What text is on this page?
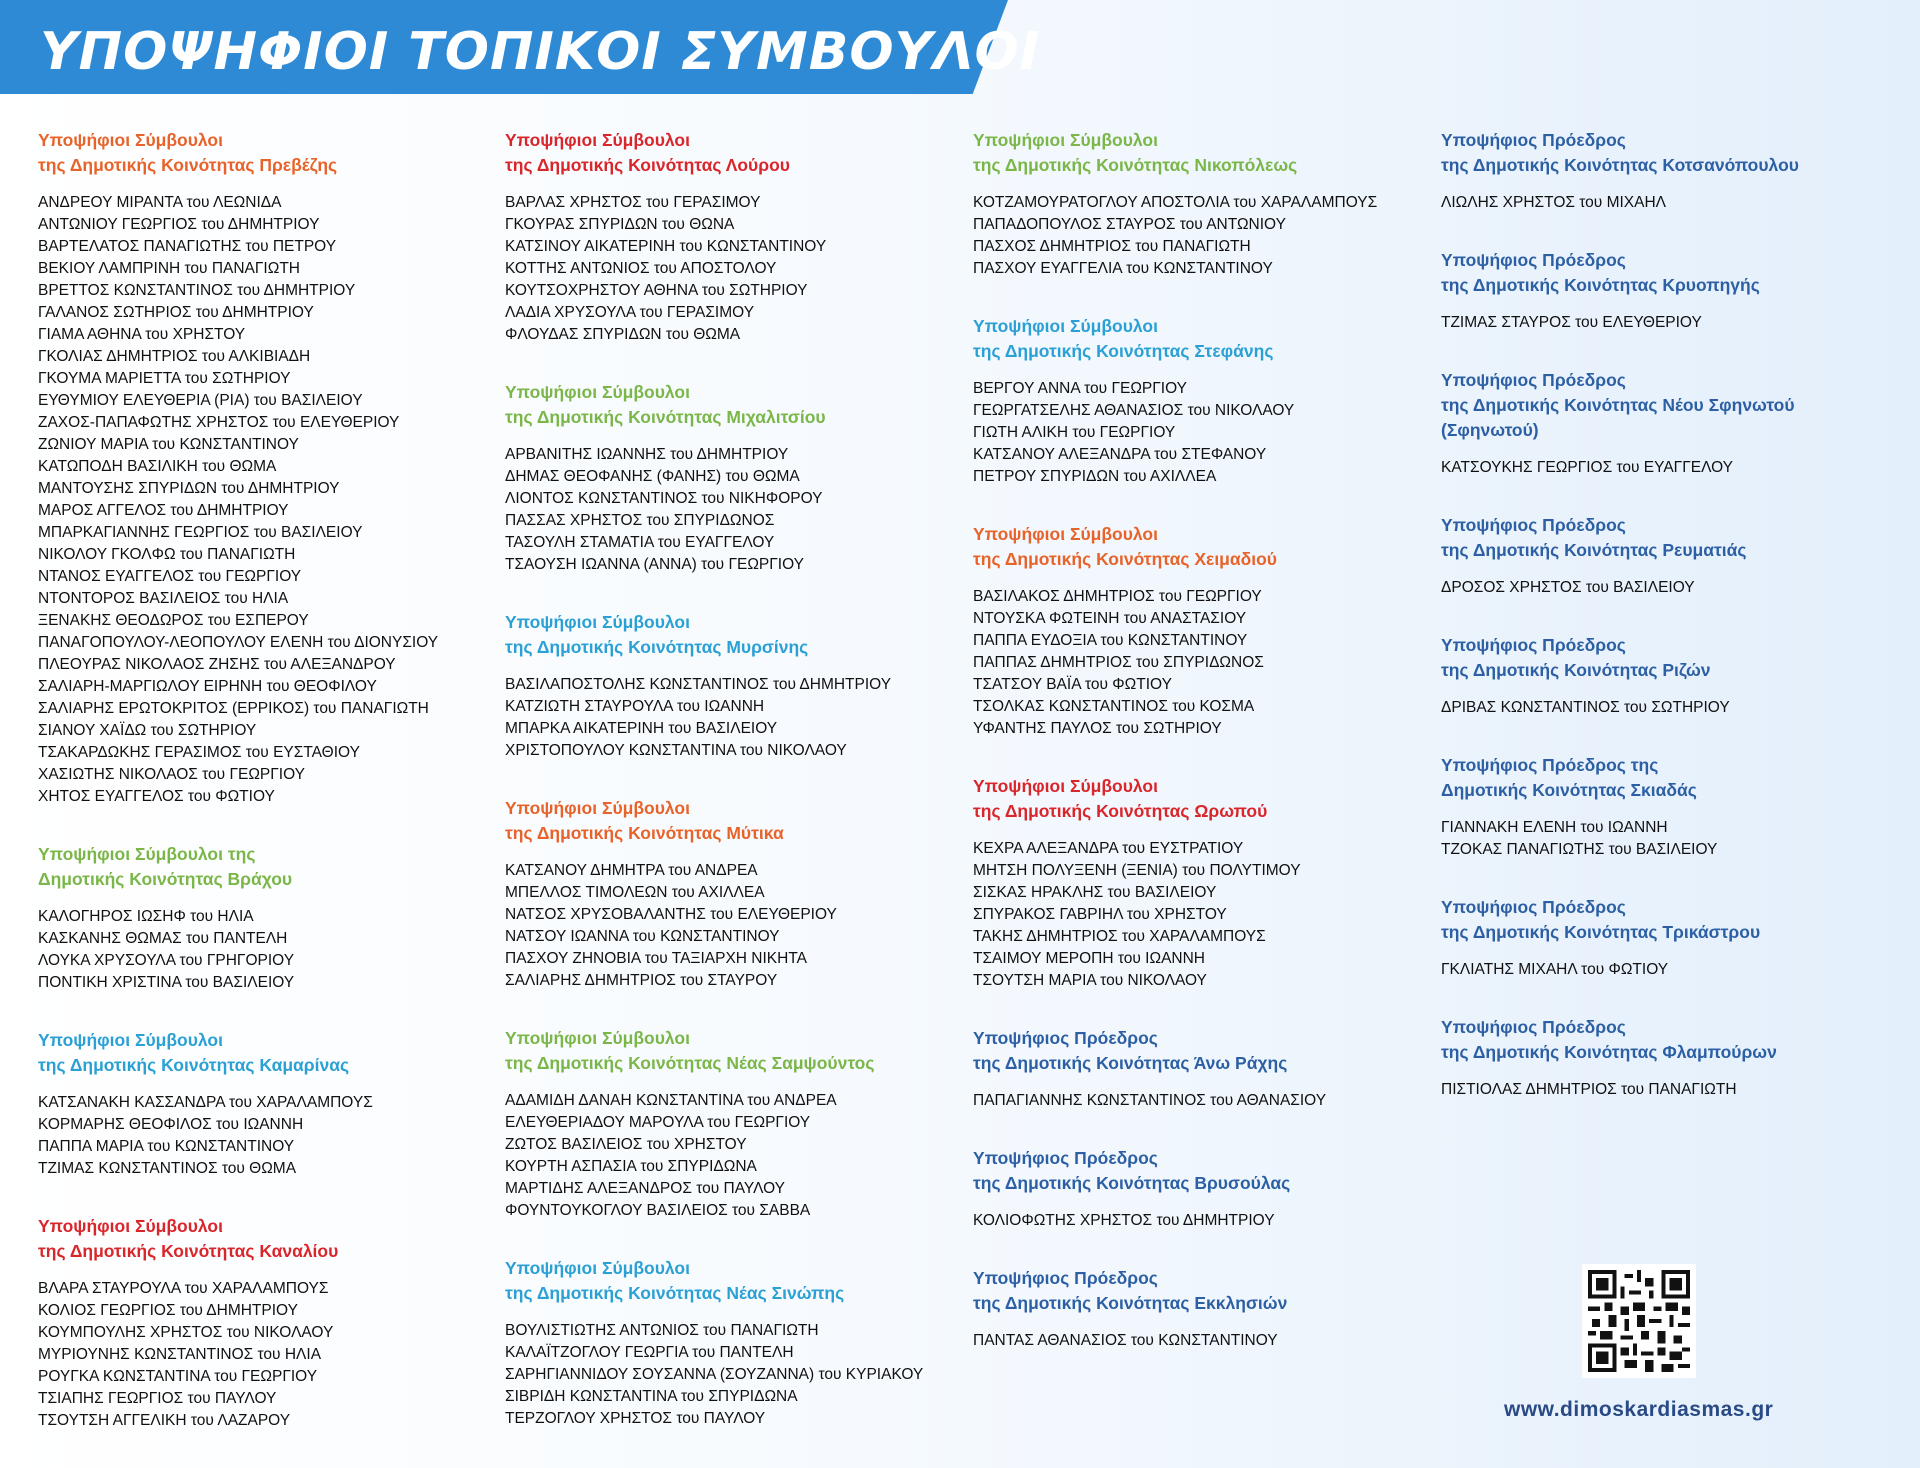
ΥΠΟΨΗΦΙΟΙ ΤΟΠΙΚΟΙ ΣΥΜΒΟΥΛΟΙ
Υποψήφιοι Σύμβουλοι
της Δημοτικής Κοινότητας Πρεβέζης
ΑΝΔΡΕΟΥ ΜΙΡΑΝΤΑ του ΛΕΩΝΙΔΑ
ΑΝΤΩΝΙΟΥ ΓΕΩΡΓΙΟΣ του ΔΗΜΗΤΡΙΟΥ
ΒΑΡΤΕΛΑΤΟΣ ΠΑΝΑΓΙΩΤΗΣ του ΠΕΤΡΟΥ
ΒΕΚΙΟΥ ΛΑΜΠΡΙΝΗ του ΠΑΝΑΓΙΩΤΗ
ΒΡΕΤΤΟΣ ΚΩΝΣΤΑΝΤΙΝΟΣ του ΔΗΜΗΤΡΙΟΥ
ΓΑΛΑΝΟΣ ΣΩΤΗΡΙΟΣ του ΔΗΜΗΤΡΙΟΥ
ΓΙΑΜΑ ΑΘΗΝΑ του ΧΡΗΣΤΟΥ
ΓΚΟΛΙΑΣ ΔΗΜΗΤΡΙΟΣ του ΑΛΚΙΒΙΑΔΗ
ΓΚΟΥΜΑ ΜΑΡΙΕΤΤΑ του ΣΩΤΗΡΙΟΥ
ΕΥΘΥΜΙΟΥ ΕΛΕΥΘΕΡΙΑ (ΡΙΑ) του ΒΑΣΙΛΕΙΟΥ
ΖΑΧΟΣ-ΠΑΠΑΦΩΤΗΣ ΧΡΗΣΤΟΣ του ΕΛΕΥΘΕΡΙΟΥ
ΖΩΝΙΟΥ ΜΑΡΙΑ του ΚΩΝΣΤΑΝΤΙΝΟΥ
ΚΑΤΩΠΟΔΗ ΒΑΣΙΛΙΚΗ του ΘΩΜΑ
ΜΑΝΤΟΥΣΗΣ ΣΠΥΡΙΔΩΝ του ΔΗΜΗΤΡΙΟΥ
ΜΑΡΟΣ ΑΓΓΕΛΟΣ του ΔΗΜΗΤΡΙΟΥ
ΜΠΑΡΚΑΓΙΑΝΝΗΣ ΓΕΩΡΓΙΟΣ του ΒΑΣΙΛΕΙΟΥ
ΝΙΚΟΛΟΥ ΓΚΟΛΦΩ του ΠΑΝΑΓΙΩΤΗ
ΝΤΑΝΟΣ ΕΥΑΓΓΕΛΟΣ του ΓΕΩΡΓΙΟΥ
ΝΤΟΝΤΟΡΟΣ ΒΑΣΙΛΕΙΟΣ του ΗΛΙΑ
ΞΕΝΑΚΗΣ ΘΕΟΔΩΡΟΣ του ΕΣΠΕΡΟΥ
ΠΑΝΑΓΟΠΟΥΛΟΥ-ΛΕΟΠΟΥΛΟΥ ΕΛΕΝΗ του ΔΙΟΝΥΣΙΟΥ
ΠΛΕΟΥΡΑΣ ΝΙΚΟΛΑΟΣ ΖΗΣΗΣ του ΑΛΕΞΑΝΔΡΟΥ
ΣΑΛΙΑΡΗ-ΜΑΡΓΙΩΛΟΥ ΕΙΡΗΝΗ του ΘΕΟΦΙΛΟΥ
ΣΑΛΙΑΡΗΣ ΕΡΩΤΟΚΡΙΤΟΣ (ΕΡΡΙΚΟΣ) του ΠΑΝΑΓΙΩΤΗ
ΣΙΑΝΟΥ ΧΑΪΔΩ του ΣΩΤΗΡΙΟΥ
ΤΣΑΚΑΡΔΩΚΗΣ ΓΕΡΑΣΙΜΟΣ του ΕΥΣΤΑΘΙΟΥ
ΧΑΣΙΩΤΗΣ ΝΙΚΟΛΑΟΣ του ΓΕΩΡΓΙΟΥ
ΧΗΤΟΣ ΕΥΑΓΓΕΛΟΣ του ΦΩΤΙΟΥ
Υποψήφιοι Σύμβουλοι της
Δημοτικής Κοινότητας Βράχου
ΚΑΛΟΓΗΡΟΣ ΙΩΣΗΦ του ΗΛΙΑ
ΚΑΣΚΑΝΗΣ ΘΩΜΑΣ του ΠΑΝΤΕΛΗ
ΛΟΥΚΑ ΧΡΥΣΟΥΛΑ του ΓΡΗΓΟΡΙΟΥ
ΠΟΝΤΙΚΗ ΧΡΙΣΤΙΝΑ του ΒΑΣΙΛΕΙΟΥ
Υποψήφιοι Σύμβουλοι
της Δημοτικής Κοινότητας Καμαρίνας
ΚΑΤΣΑΝΑΚΗ ΚΑΣΣΑΝΔΡΑ του ΧΑΡΑΛΑΜΠΟΥΣ
ΚΟΡΜΑΡΗΣ ΘΕΟΦΙΛΟΣ του ΙΩΑΝΝΗ
ΠΑΠΠΑ ΜΑΡΙΑ του ΚΩΝΣΤΑΝΤΙΝΟΥ
ΤΖΙΜΑΣ ΚΩΝΣΤΑΝΤΙΝΟΣ του ΘΩΜΑ
Υποψήφιοι Σύμβουλοι
της Δημοτικής Κοινότητας Καναλίου
ΒΛΑΡΑ ΣΤΑΥΡΟΥΛΑ του ΧΑΡΑΛΑΜΠΟΥΣ
ΚΟΛΙΟΣ ΓΕΩΡΓΙΟΣ του ΔΗΜΗΤΡΙΟΥ
ΚΟΥΜΠΟΥΛΗΣ ΧΡΗΣΤΟΣ του ΝΙΚΟΛΑΟΥ
ΜΥΡΙΟΥΝΗΣ ΚΩΝΣΤΑΝΤΙΝΟΣ του ΗΛΙΑ
ΡΟΥΓΚΑ ΚΩΝΣΤΑΝΤΙΝΑ του ΓΕΩΡΓΙΟΥ
ΤΣΙΑΠΗΣ ΓΕΩΡΓΙΟΣ του ΠΑΥΛΟΥ
ΤΣΟΥΤΣΗ ΑΓΓΕΛΙΚΗ του ΛΑΖΑΡΟΥ
Υποψήφιοι Σύμβουλοι
της Δημοτικής Κοινότητας Λούρου
ΒΑΡΛΑΣ ΧΡΗΣΤΟΣ του ΓΕΡΑΣΙΜΟΥ
ΓΚΟΥΡΑΣ ΣΠΥΡΙΔΩΝ του ΘΩΝΑ
ΚΑΤΣΙΝΟΥ ΑΙΚΑΤΕΡΙΝΗ του ΚΩΝΣΤΑΝΤΙΝΟΥ
ΚΟΤΤΗΣ ΑΝΤΩΝΙΟΣ του ΑΠΟΣΤΟΛΟΥ
ΚΟΥΤΣΟΧΡΗΣΤΟΥ ΑΘΗΝΑ του ΣΩΤΗΡΙΟΥ
ΛΑΔΙΑ ΧΡΥΣΟΥΛΑ του ΓΕΡΑΣΙΜΟΥ
ΦΛΟΥΔΑΣ ΣΠΥΡΙΔΩΝ του ΘΩΜΑ
Υποψήφιοι Σύμβουλοι
της Δημοτικής Κοινότητας Μιχαλιτσίου
ΑΡΒΑΝΙΤΗΣ ΙΩΑΝΝΗΣ του ΔΗΜΗΤΡΙΟΥ
ΔΗΜΑΣ ΘΕΟΦΑΝΗΣ (ΦΑΝΗΣ) του ΘΩΜΑ
ΛΙΟΝΤΟΣ ΚΩΝΣΤΑΝΤΙΝΟΣ του ΝΙΚΗΦΟΡΟΥ
ΠΑΣΣΑΣ ΧΡΗΣΤΟΣ του ΣΠΥΡΙΔΩΝΟΣ
ΤΑΣΟΥΛΗ ΣΤΑΜΑΤΙΑ του ΕΥΑΓΓΕΛΟΥ
ΤΣΑΟΥΣΗ ΙΩΑΝΝΑ (ΑΝΝΑ) του ΓΕΩΡΓΙΟΥ
Υποψήφιοι Σύμβουλοι
της Δημοτικής Κοινότητας Μυρσίνης
ΒΑΣΙΛΑΠΟΣΤΟΛΗΣ ΚΩΝΣΤΑΝΤΙΝΟΣ του ΔΗΜΗΤΡΙΟΥ
ΚΑΤΖΙΩΤΗ ΣΤΑΥΡΟΥΛΑ του ΙΩΑΝΝΗ
ΜΠΑΡΚΑ ΑΙΚΑΤΕΡΙΝΗ του ΒΑΣΙΛΕΙΟΥ
ΧΡΙΣΤΟΠΟΥΛΟΥ ΚΩΝΣΤΑΝΤΙΝΑ του ΝΙΚΟΛΑΟΥ
Υποψήφιοι Σύμβουλοι
της Δημοτικής Κοινότητας Μύτικα
ΚΑΤΣΑΝΟΥ ΔΗΜΗΤΡΑ του ΑΝΔΡΕΑ
ΜΠΕΛΛΟΣ ΤΙΜΟΛΕΩΝ του ΑΧΙΛΛΕΑ
ΝΑΤΣΟΣ ΧΡΥΣΟΒΑΛΑΝΤΗΣ του ΕΛΕΥΘΕΡΙΟΥ
ΝΑΤΣΟΥ ΙΩΑΝΝΑ του ΚΩΝΣΤΑΝΤΙΝΟΥ
ΠΑΣΧΟΥ ΖΗΝΟΒΙΑ του ΤΑΞΙΑΡΧΗ ΝΙΚΗΤΑ
ΣΑΛΙΑΡΗΣ ΔΗΜΗΤΡΙΟΣ του ΣΤΑΥΡΟΥ
Υποψήφιοι Σύμβουλοι
της Δημοτικής Κοινότητας Νέας Σαμψούντος
ΑΔΑΜΙΔΗ ΔΑΝΑΗ ΚΩΝΣΤΑΝΤΙΝΑ του ΑΝΔΡΕΑ
ΕΛΕΥΘΕΡΙΑΔΟΥ ΜΑΡΟΥΛΑ του ΓΕΩΡΓΙΟΥ
ΖΩΤΟΣ ΒΑΣΙΛΕΙΟΣ του ΧΡΗΣΤΟΥ
ΚΟΥΡΤΗ ΑΣΠΑΣΙΑ του ΣΠΥΡΙΔΩΝΑ
ΜΑΡΤΙΔΗΣ ΑΛΕΞΑΝΔΡΟΣ του ΠΑΥΛΟΥ
ΦΟΥΝΤΟΥΚΟΓΛΟΥ ΒΑΣΙΛΕΙΟΣ του ΣΑΒΒΑ
Υποψήφιοι Σύμβουλοι
της Δημοτικής Κοινότητας Νέας Σινώπης
ΒΟΥΛΙΣΤΙΩΤΗΣ ΑΝΤΩΝΙΟΣ του ΠΑΝΑΓΙΩΤΗ
ΚΑΛΑΪΤΖΟΓΛΟΥ ΓΕΩΡΓΙΑ του ΠΑΝΤΕΛΗ
ΣΑΡΗΓΙΑΝΝΙΔΟΥ ΣΟΥΣΑΝΝΑ (ΣΟΥΖΑΝΝΑ) του ΚΥΡΙΑΚΟΥ
ΣΙΒΡΙΔΗ ΚΩΝΣΤΑΝΤΙΝΑ του ΣΠΥΡΙΔΩΝΑ
ΤΕΡΖΟΓΛΟΥ ΧΡΗΣΤΟΣ του ΠΑΥΛΟΥ
Υποψήφιοι Σύμβουλοι
της Δημοτικής Κοινότητας Νικοπόλεως
ΚΟΤΖΑΜΟΥΡΑΤΟΓΛΟΥ ΑΠΟΣΤΟΛΙΑ του ΧΑΡΑΛΑΜΠΟΥΣ
ΠΑΠΑΔΟΠΟΥΛΟΣ ΣΤΑΥΡΟΣ του ΑΝΤΩΝΙΟΥ
ΠΑΣΧΟΣ ΔΗΜΗΤΡΙΟΣ του ΠΑΝΑΓΙΩΤΗ
ΠΑΣΧΟΥ ΕΥΑΓΓΕΛΙΑ του ΚΩΝΣΤΑΝΤΙΝΟΥ
Υποψήφιοι Σύμβουλοι
της Δημοτικής Κοινότητας Στεφάνης
ΒΕΡΓΟΥ ΑΝΝΑ του ΓΕΩΡΓΙΟΥ
ΓΕΩΡΓΑΤΣΕΛΗΣ ΑΘΑΝΑΣΙΟΣ του ΝΙΚΟΛΑΟΥ
ΓΙΩΤΗ ΑΛΙΚΗ του ΓΕΩΡΓΙΟΥ
ΚΑΤΣΑΝΟΥ ΑΛΕΞΑΝΔΡΑ του ΣΤΕΦΑΝΟΥ
ΠΕΤΡΟΥ ΣΠΥΡΙΔΩΝ του ΑΧΙΛΛΕΑ
Υποψήφιοι Σύμβουλοι
της Δημοτικής Κοινότητας Χειμαδιού
ΒΑΣΙΛΑΚΟΣ ΔΗΜΗΤΡΙΟΣ του ΓΕΩΡΓΙΟΥ
ΝΤΟΥΣΚΑ ΦΩΤΕΙΝΗ του ΑΝΑΣΤΑΣΙΟΥ
ΠΑΠΠΑ ΕΥΔΟΞΙΑ του ΚΩΝΣΤΑΝΤΙΝΟΥ
ΠΑΠΠΑΣ ΔΗΜΗΤΡΙΟΣ του ΣΠΥΡΙΔΩΝΟΣ
ΤΣΑΤΣΟΥ ΒΑΪΑ του ΦΩΤΙΟΥ
ΤΣΟΛΚΑΣ ΚΩΝΣΤΑΝΤΙΝΟΣ του ΚΟΣΜΑ
ΥΦΑΝΤΗΣ ΠΑΥΛΟΣ του ΣΩΤΗΡΙΟΥ
Υποψήφιοι Σύμβουλοι
της Δημοτικής Κοινότητας Ωρωπού
ΚΕΧΡΑ ΑΛΕΞΑΝΔΡΑ του ΕΥΣΤΡΑΤΙΟΥ
ΜΗΤΣΗ ΠΟΛΥΞΕΝΗ (ΞΕΝΙΑ) του ΠΟΛΥΤΙΜΟΥ
ΣΙΣΚΑΣ ΗΡΑΚΛΗΣ του ΒΑΣΙΛΕΙΟΥ
ΣΠΥΡΑΚΟΣ ΓΑΒΡΙΗΛ του ΧΡΗΣΤΟΥ
ΤΑΚΗΣ ΔΗΜΗΤΡΙΟΣ του ΧΑΡΑΛΑΜΠΟΥΣ
ΤΣΑΙΜΟΥ ΜΕΡΟΠΗ του ΙΩΑΝΝΗ
ΤΣΟΥΤΣΗ ΜΑΡΙΑ του ΝΙΚΟΛΑΟΥ
Υποψήφιος Πρόεδρος
της Δημοτικής Κοινότητας Άνω Ράχης
ΠΑΠΑΓΙΑΝΝΗΣ ΚΩΝΣΤΑΝΤΙΝΟΣ του ΑΘΑΝΑΣΙΟΥ
Υποψήφιος Πρόεδρος
της Δημοτικής Κοινότητας Βρυσούλας
ΚΟΛΙΟΦΩΤΗΣ ΧΡΗΣΤΟΣ του ΔΗΜΗΤΡΙΟΥ
Υποψήφιος Πρόεδρος
της Δημοτικής Κοινότητας Εκκλησιών
ΠΑΝΤΑΣ ΑΘΑΝΑΣΙΟΣ του ΚΩΝΣΤΑΝΤΙΝΟΥ
Υποψήφιος Πρόεδρος
της Δημοτικής Κοινότητας Κοτσανόπουλου
ΛΙΩΛΗΣ ΧΡΗΣΤΟΣ του ΜΙΧΑΗΛ
Υποψήφιος Πρόεδρος
της Δημοτικής Κοινότητας Κρυοπηγής
ΤΖΙΜΑΣ ΣΤΑΥΡΟΣ του ΕΛΕΥΘΕΡΙΟΥ
Υποψήφιος Πρόεδρος
της Δημοτικής Κοινότητας Νέου Σφηνωτού
(Σφηνωτού)
ΚΑΤΣΟΥΚΗΣ ΓΕΩΡΓΙΟΣ του ΕΥΑΓΓΕΛΟΥ
Υποψήφιος Πρόεδρος
της Δημοτικής Κοινότητας Ρευματιάς
ΔΡΟΣΟΣ ΧΡΗΣΤΟΣ του ΒΑΣΙΛΕΙΟΥ
Υποψήφιος Πρόεδρος
της Δημοτικής Κοινότητας Ριζών
ΔΡΙΒΑΣ ΚΩΝΣΤΑΝΤΙΝΟΣ του ΣΩΤΗΡΙΟΥ
Υποψήφιος Πρόεδρος της
Δημοτικής Κοινότητας Σκιαδάς
ΓΙΑΝΝΑΚΗ ΕΛΕΝΗ του ΙΩΑΝΝΗ
ΤΖΟΚΑΣ ΠΑΝΑΓΙΩΤΗΣ του ΒΑΣΙΛΕΙΟΥ
Υποψήφιος Πρόεδρος
της Δημοτικής Κοινότητας Τρικάστρου
ΓΚΛΙΑΤΗΣ ΜΙΧΑΗΛ του ΦΩΤΙΟΥ
Υποψήφιος Πρόεδρος
της Δημοτικής Κοινότητας Φλαμπούρων
ΠΙΣΤΙΟΛΑΣ ΔΗΜΗΤΡΙΟΣ του ΠΑΝΑΓΙΩΤΗ
www.dimoskardiasmas.gr
